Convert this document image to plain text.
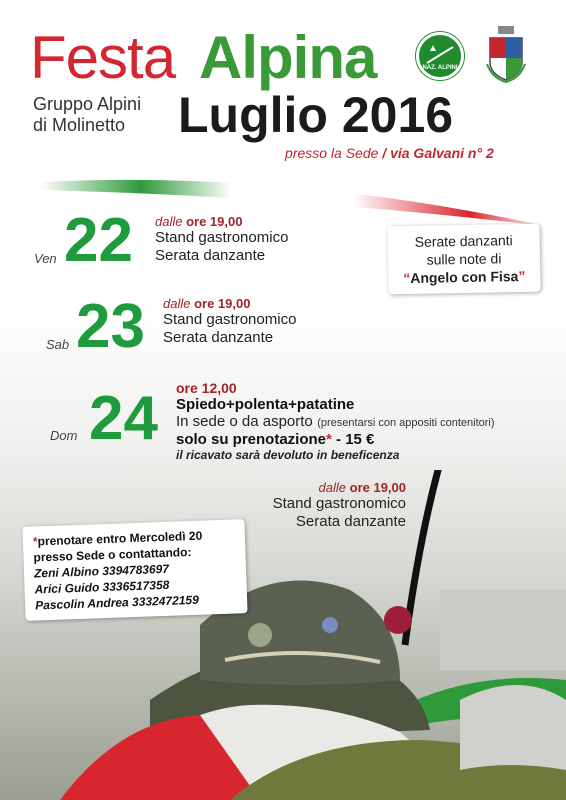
Festa Alpina
Luglio 2016
Gruppo Alpini
di Molinetto
presso la Sede / via Galvani n° 2
NAZ. ALPINI
Ven 22 dalle ore 19,00
Stand gastronomico
Serata danzante
Serate danzanti
sulle note di
“Angelo con Fisa”
Sab 23 dalle ore 19,00
Stand gastronomico
Serata danzante
Dom 24 ore 12,00
Spiedo+polenta+patatine
In sede o da asporto (presentarsi con appositi contenitori)
solo su prenotazione* - 15 €
il ricavato sarà devoluto in beneficenza
dalle ore 19,00
Stand gastronomico
Serata danzante
*prenotare entro Mercoledì 20
presso Sede o contattando:
Zeni Albino 3394783697
Arici Guido 3336517358
Pascolin Andrea 3332472159
